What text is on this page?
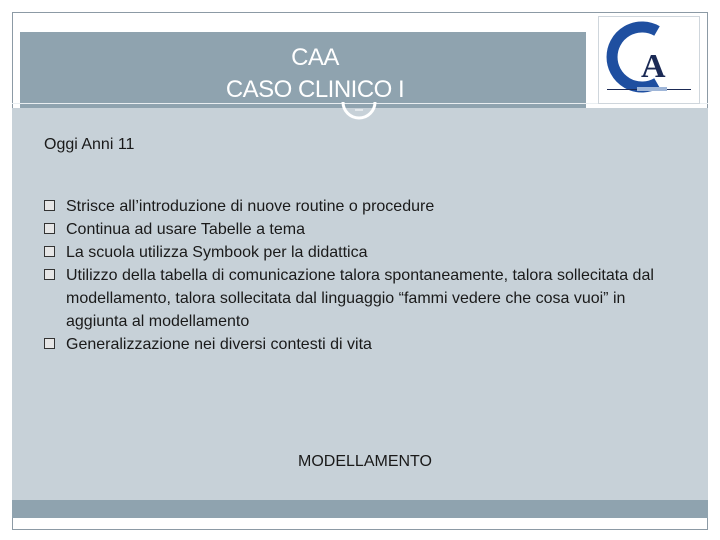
CAA
CASO CLINICO I
A
Oggi Anni 11
Strisce all’introduzione di nuove routine o procedure
Continua ad usare Tabelle a tema
La scuola utilizza Symbook per la didattica
Utilizzo della tabella di comunicazione talora spontaneamente, talora sollecitata dal modellamento, talora sollecitata dal linguaggio “fammi vedere che cosa vuoi” in aggiunta al modellamento
Generalizzazione nei diversi contesti di vita
MODELLAMENTO
